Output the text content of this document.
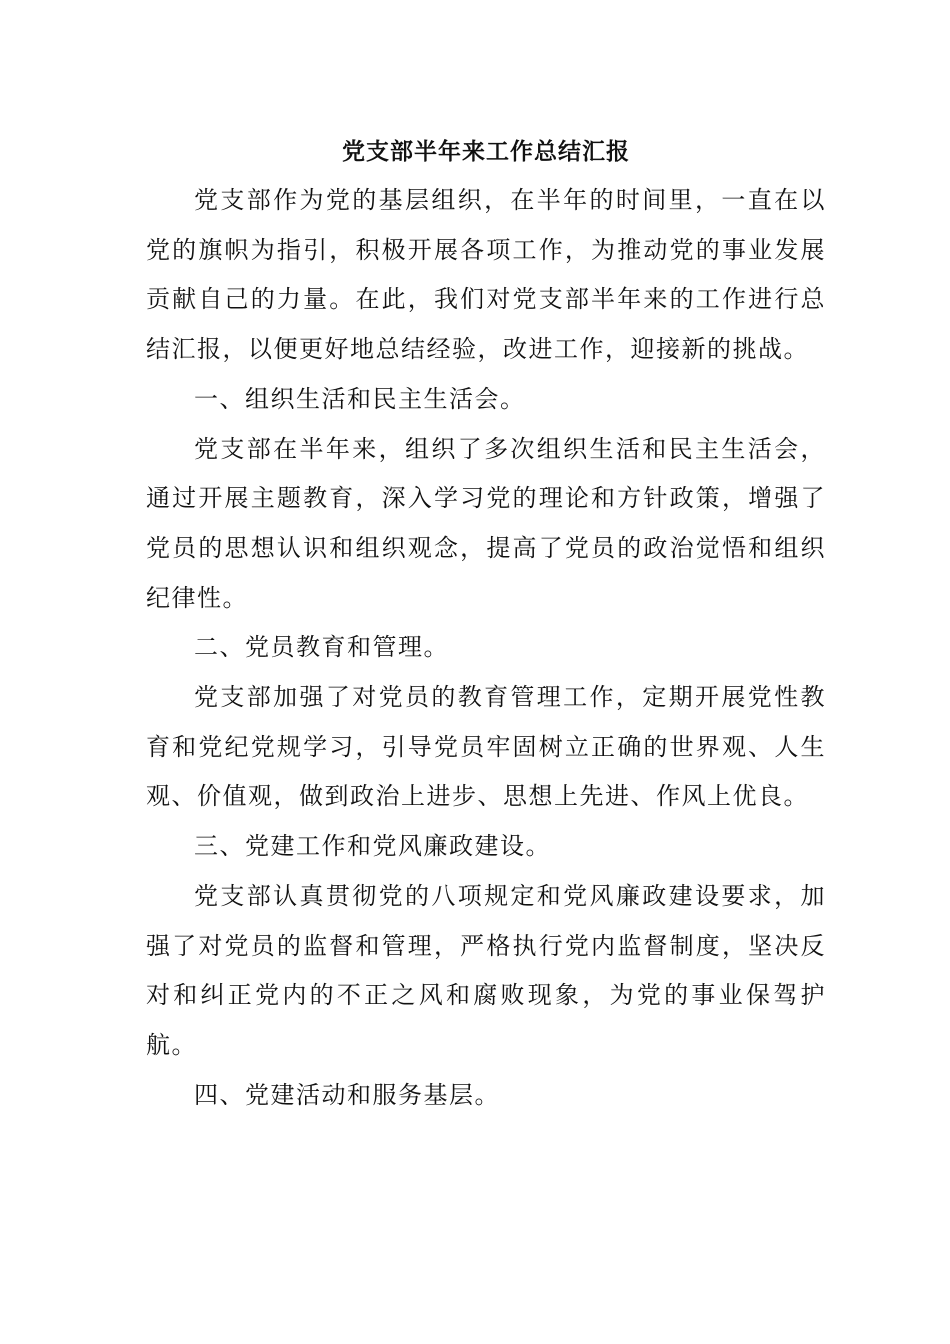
党支部半年来工作总结汇报

党支部作为党的基层组织，在半年的时间里，一直在以党的旗帜为指引，积极开展各项工作，为推动党的事业发展贡献自己的力量。在此，我们对党支部半年来的工作进行总结汇报，以便更好地总结经验，改进工作，迎接新的挑战。

一、组织生活和民主生活会。

党支部在半年来，组织了多次组织生活和民主生活会，通过开展主题教育，深入学习党的理论和方针政策，增强了党员的思想认识和组织观念，提高了党员的政治觉悟和组织纪律性。

二、党员教育和管理。

党支部加强了对党员的教育管理工作，定期开展党性教育和党纪党规学习，引导党员牢固树立正确的世界观、人生观、价值观，做到政治上进步、思想上先进、作风上优良。

三、党建工作和党风廉政建设。

党支部认真贯彻党的八项规定和党风廉政建设要求，加强了对党员的监督和管理，严格执行党内监督制度，坚决反对和纠正党内的不正之风和腐败现象，为党的事业保驾护航。

四、党建活动和服务基层。
